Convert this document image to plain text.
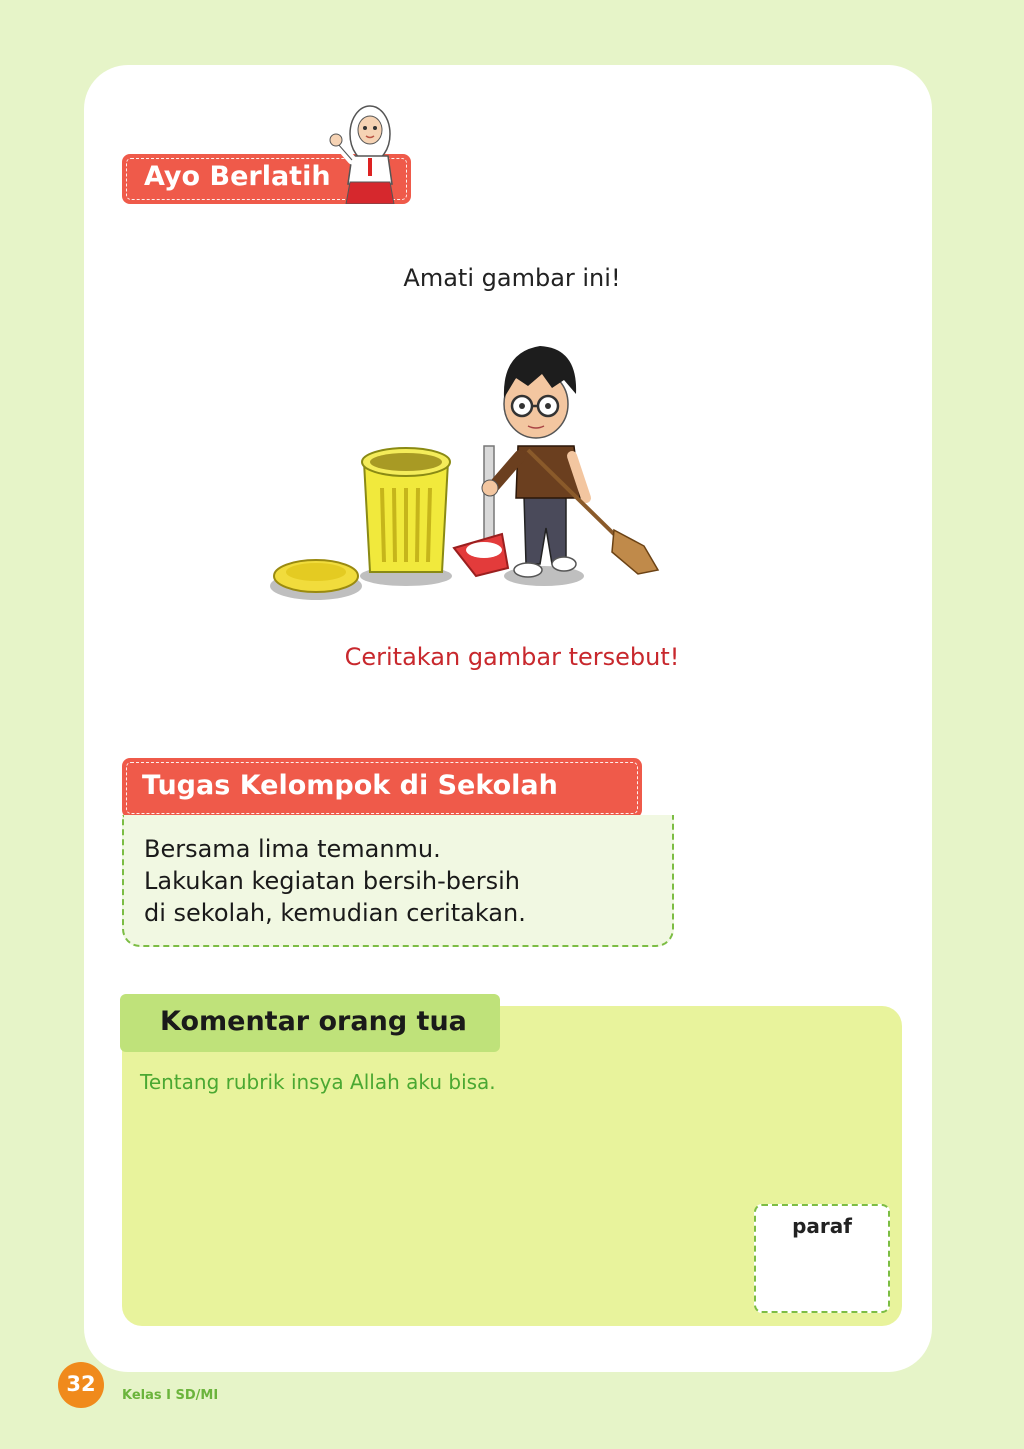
Ayo Berlatih
Amati gambar ini!
Ceritakan gambar tersebut!
Tugas Kelompok di Sekolah
Bersama lima temanmu.
Lakukan kegiatan bersih-bersih
di sekolah, kemudian ceritakan.
Komentar orang tua
Tentang rubrik insya Allah aku bisa.
paraf
32	Kelas I SD/MI
